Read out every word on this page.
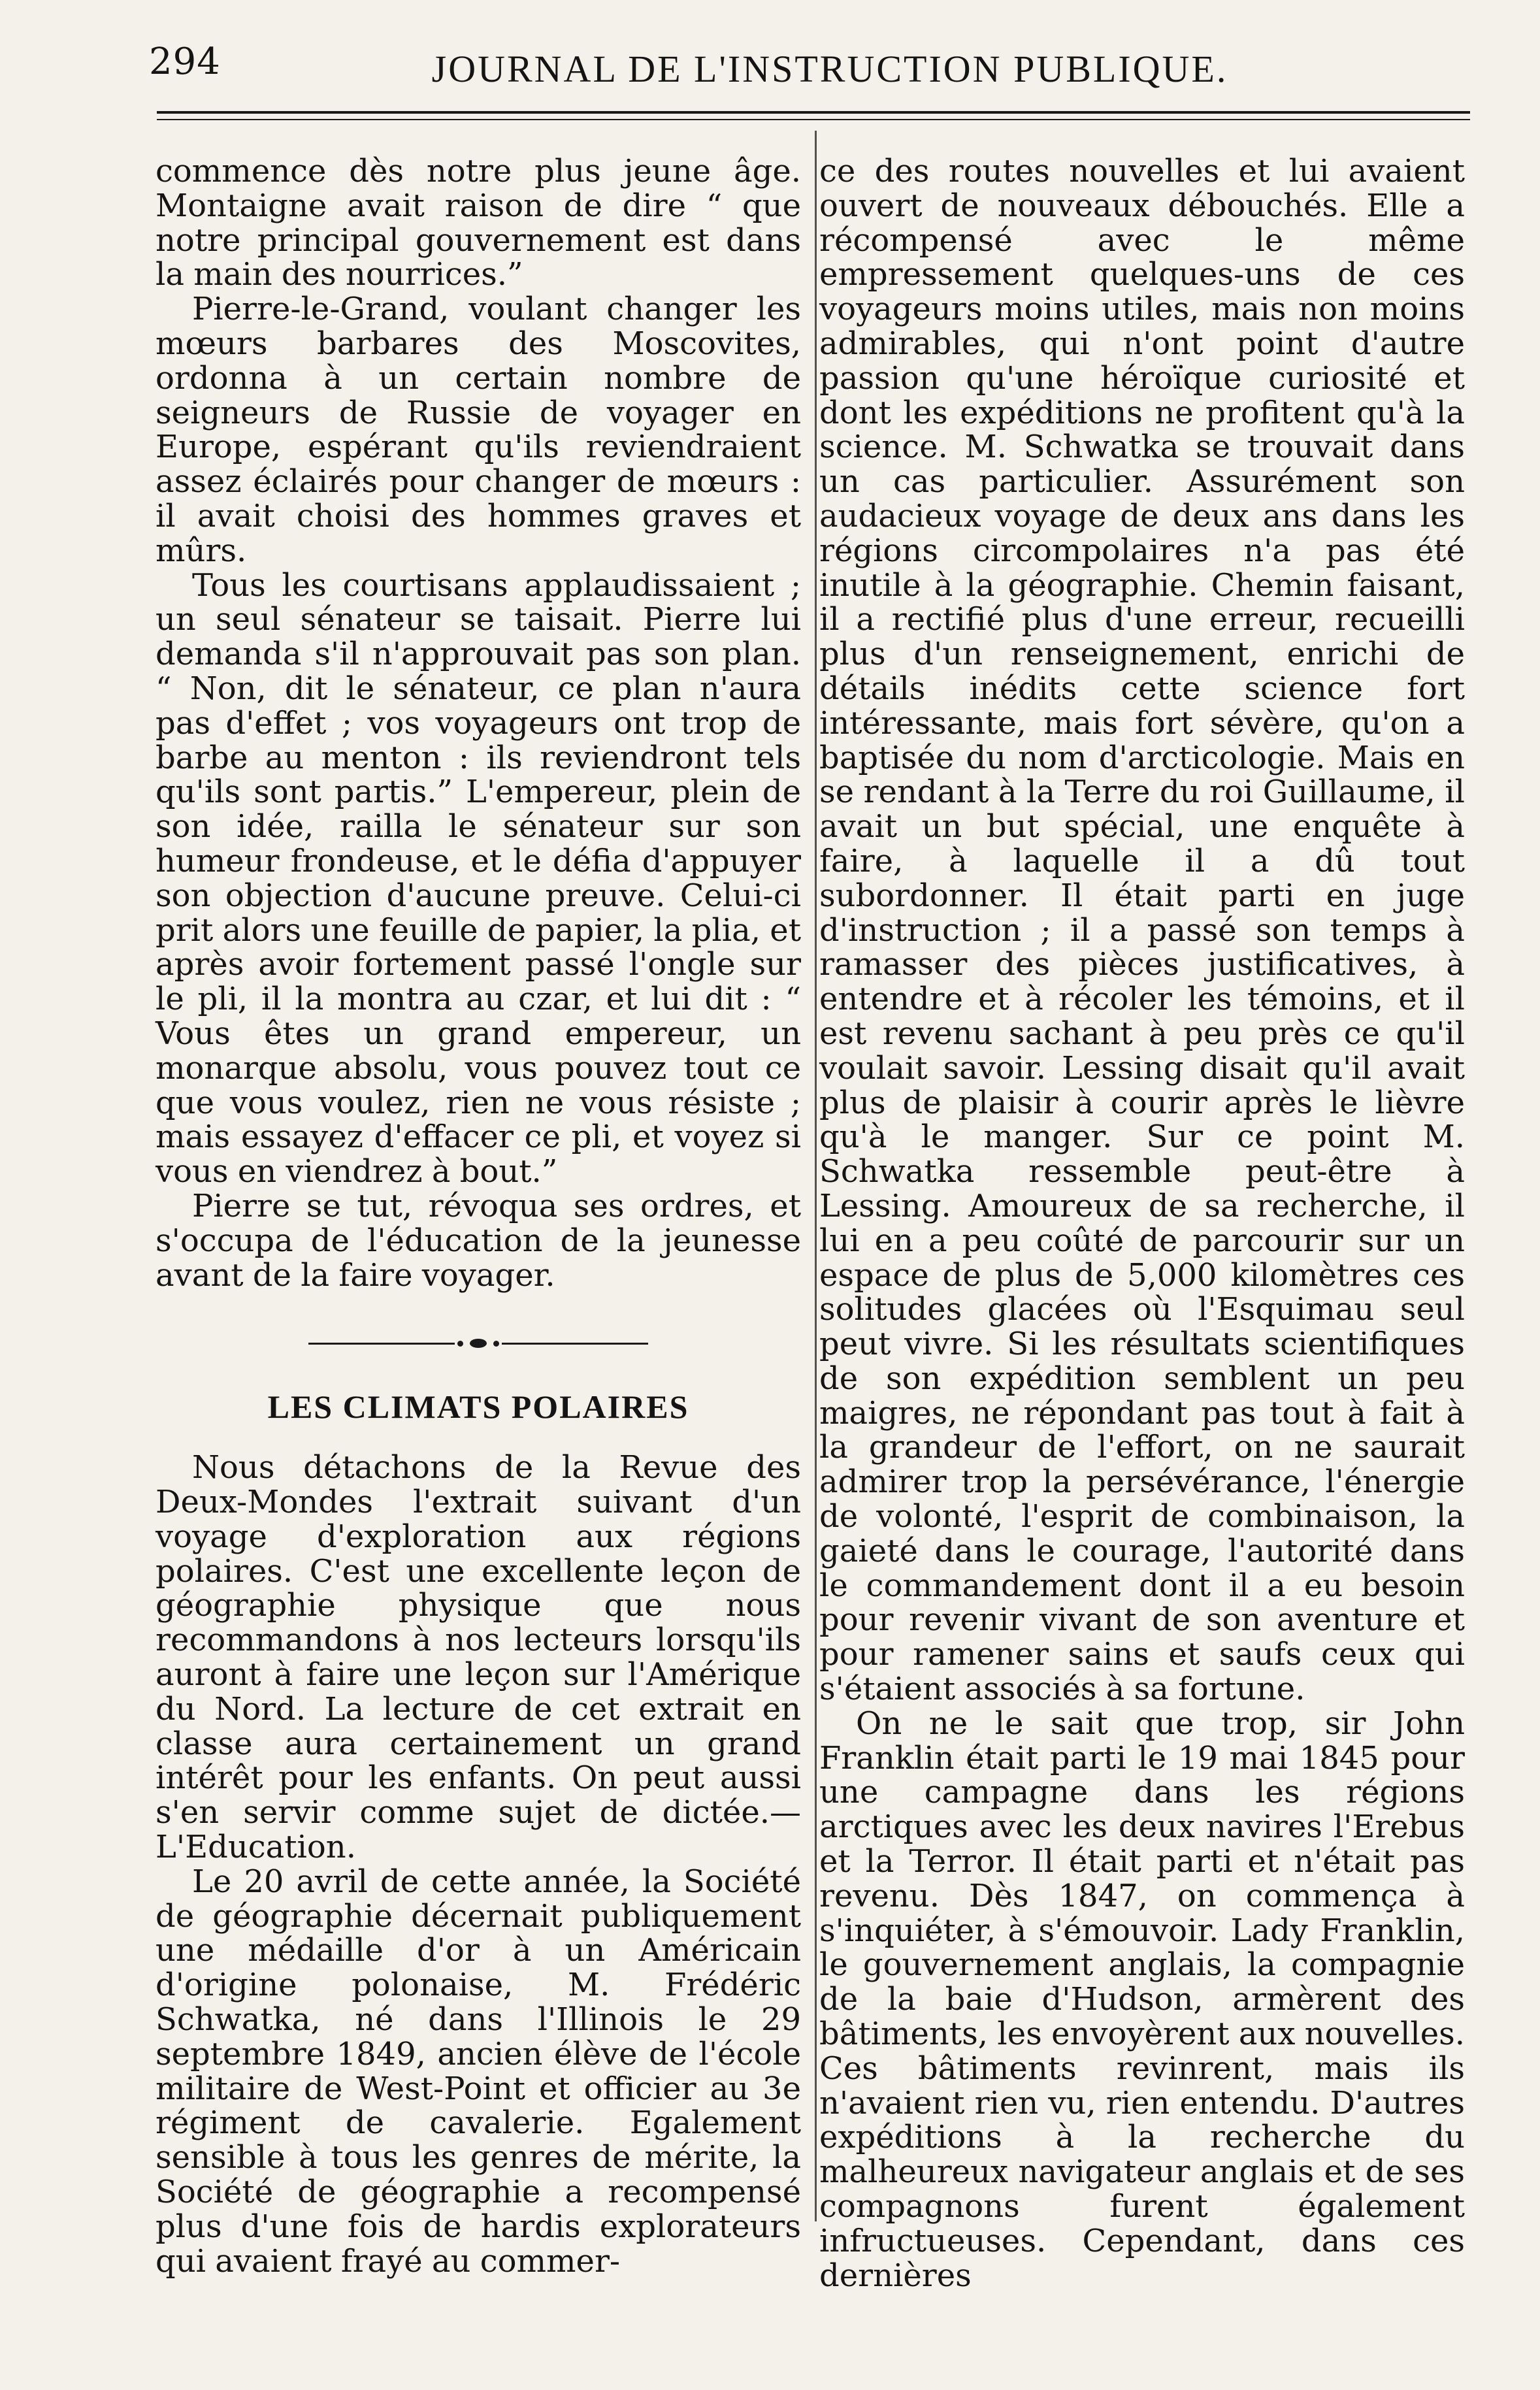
294	JOURNAL DE L'INSTRUCTION PUBLIQUE.

commence dès notre plus jeune âge. Montaigne avait raison de dire “ que notre principal gouvernement est dans la main des nourrices.”

Pierre-le-Grand, voulant changer les mœurs barbares des Moscovites, ordonna à un certain nombre de seigneurs de Russie de voyager en Europe, espérant qu'ils reviendraient assez éclairés pour changer de mœurs : il avait choisi des hommes graves et mûrs.

Tous les courtisans applaudissaient ; un seul sénateur se taisait. Pierre lui demanda s'il n'approuvait pas son plan. “ Non, dit le sénateur, ce plan n'aura pas d'effet ; vos voyageurs ont trop de barbe au menton : ils reviendront tels qu'ils sont partis.” L'empereur, plein de son idée, railla le sénateur sur son humeur frondeuse, et le défia d'appuyer son objection d'aucune preuve. Celui-ci prit alors une feuille de papier, la plia, et après avoir fortement passé l'ongle sur le pli, il la montra au czar, et lui dit : “ Vous êtes un grand empereur, un monarque absolu, vous pouvez tout ce que vous voulez, rien ne vous résiste ; mais essayez d'effacer ce pli, et voyez si vous en viendrez à bout.”

Pierre se tut, révoqua ses ordres, et s'occupa de l'éducation de la jeunesse avant de la faire voyager.

LES CLIMATS POLAIRES

Nous détachons de la Revue des Deux-Mondes l'extrait suivant d'un voyage d'exploration aux régions polaires. C'est une excellente leçon de géographie physique que nous recommandons à nos lecteurs lorsqu'ils auront à faire une leçon sur l'Amérique du Nord. La lecture de cet extrait en classe aura certainement un grand intérêt pour les enfants. On peut aussi s'en servir comme sujet de dictée.—L'Education.

Le 20 avril de cette année, la Société de géographie décernait publiquement une médaille d'or à un Américain d'origine polonaise, M. Frédéric Schwatka, né dans l'Illinois le 29 septembre 1849, ancien élève de l'école militaire de West-Point et officier au 3e régiment de cavalerie. Egalement sensible à tous les genres de mérite, la Société de géographie a recompensé plus d'une fois de hardis explorateurs qui avaient frayé au commer-

ce des routes nouvelles et lui avaient ouvert de nouveaux débouchés. Elle a récompensé avec le même empressement quelques-uns de ces voyageurs moins utiles, mais non moins admirables, qui n'ont point d'autre passion qu'une héroïque curiosité et dont les expéditions ne profitent qu'à la science. M. Schwatka se trouvait dans un cas particulier. Assurément son audacieux voyage de deux ans dans les régions circompolaires n'a pas été inutile à la géographie. Chemin faisant, il a rectifié plus d'une erreur, recueilli plus d'un renseignement, enrichi de détails inédits cette science fort intéressante, mais fort sévère, qu'on a baptisée du nom d'arcticologie. Mais en se rendant à la Terre du roi Guillaume, il avait un but spécial, une enquête à faire, à laquelle il a dû tout subordonner. Il était parti en juge d'instruction ; il a passé son temps à ramasser des pièces justificatives, à entendre et à récoler les témoins, et il est revenu sachant à peu près ce qu'il voulait savoir. Lessing disait qu'il avait plus de plaisir à courir après le lièvre qu'à le manger. Sur ce point M. Schwatka ressemble peut-être à Lessing. Amoureux de sa recherche, il lui en a peu coûté de parcourir sur un espace de plus de 5,000 kilomètres ces solitudes glacées où l'Esquimau seul peut vivre. Si les résultats scientifiques de son expédition semblent un peu maigres, ne répondant pas tout à fait à la grandeur de l'effort, on ne saurait admirer trop la persévérance, l'énergie de volonté, l'esprit de combinaison, la gaieté dans le courage, l'autorité dans le commandement dont il a eu besoin pour revenir vivant de son aventure et pour ramener sains et saufs ceux qui s'étaient associés à sa fortune.

On ne le sait que trop, sir John Franklin était parti le 19 mai 1845 pour une campagne dans les régions arctiques avec les deux navires l'Erebus et la Terror. Il était parti et n'était pas revenu. Dès 1847, on commença à s'inquiéter, à s'émouvoir. Lady Franklin, le gouvernement anglais, la compagnie de la baie d'Hudson, armèrent des bâtiments, les envoyèrent aux nouvelles. Ces bâtiments revinrent, mais ils n'avaient rien vu, rien entendu. D'autres expéditions à la recherche du malheureux navigateur anglais et de ses compagnons furent également infructueuses. Cependant, dans ces dernières
